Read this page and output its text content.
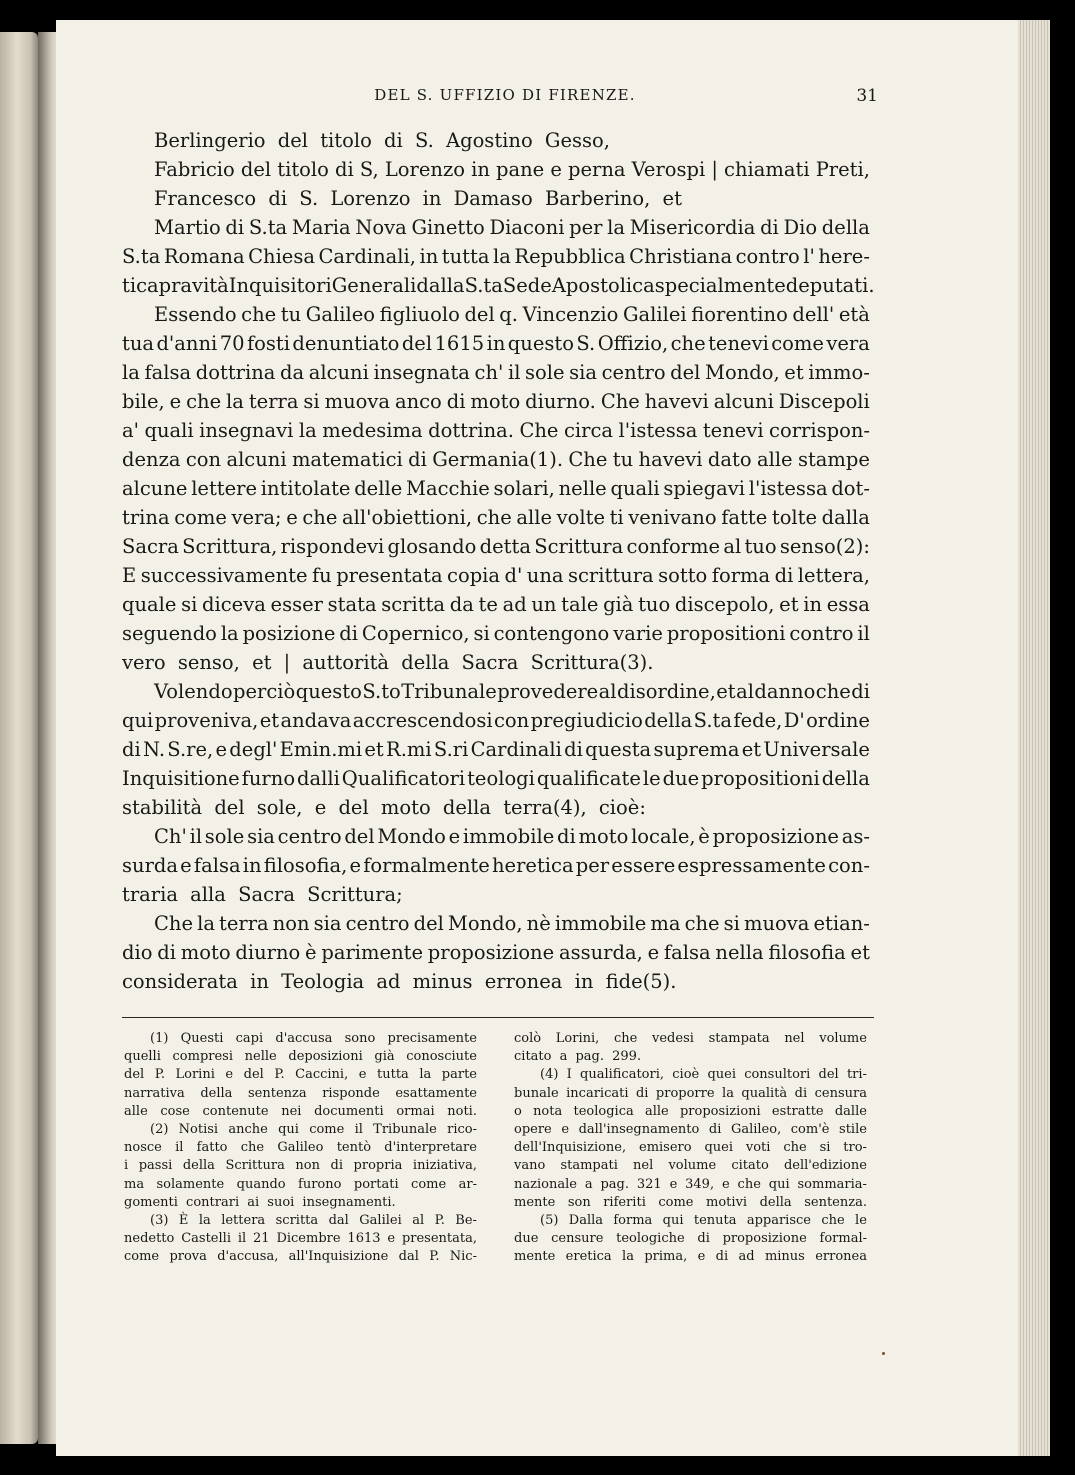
DEL S. UFFIZIO DI FIRENZE.	31
Berlingerio del titolo di S. Agostino Gesso,
Fabricio del titolo di S, Lorenzo in pane e perna Verospi | chiamati Preti,
Francesco di S. Lorenzo in Damaso Barberino, et
Martio di S.ta Maria Nova Ginetto Diaconi per la Misericordia di Dio della
S.ta Romana Chiesa Cardinali, in tutta la Repubblica Christiana contro l' here-
tica pravità Inquisitori Generali dalla S.ta Sede Apostolica specialmente deputati.
Essendo che tu Galileo figliuolo del q. Vincenzio Galilei fiorentino dell' età
tua d'anni 70 fosti denuntiato del 1615 in questo S. Offizio, che tenevi come vera
la falsa dottrina da alcuni insegnata ch' il sole sia centro del Mondo, et immo-
bile, e che la terra si muova anco di moto diurno. Che havevi alcuni Discepoli
a' quali insegnavi la medesima dottrina. Che circa l'istessa tenevi corrispon-
denza con alcuni matematici di Germania(1). Che tu havevi dato alle stampe
alcune lettere intitolate delle Macchie solari, nelle quali spiegavi l'istessa dot-
trina come vera; e che all'obiettioni, che alle volte ti venivano fatte tolte dalla
Sacra Scrittura, rispondevi glosando detta Scrittura conforme al tuo senso(2):
E successivamente fu presentata copia d' una scrittura sotto forma di lettera,
quale si diceva esser stata scritta da te ad un tale già tuo discepolo, et in essa
seguendo la posizione di Copernico, si contengono varie propositioni contro il
vero senso, et | auttorità della Sacra Scrittura(3).
Volendo perciò questo S.to Tribunale provedere al disordine, et al danno che di
qui proveniva, et andava accrescendosi con pregiudicio della S.ta fede, D' ordine
di N. S.re, e degl' Emin.mi et R.mi S.ri Cardinali di questa suprema et Universale
Inquisitione furno dalli Qualificatori teologi qualificate le due propositioni della
stabilità del sole, e del moto della terra(4), cioè:
Ch' il sole sia centro del Mondo e immobile di moto locale, è proposizione as-
surda e falsa in filosofia, e formalmente heretica per essere espressamente con-
traria alla Sacra Scrittura;
Che la terra non sia centro del Mondo, nè immobile ma che si muova etian-
dio di moto diurno è parimente proposizione assurda, e falsa nella filosofia et
considerata in Teologia ad minus erronea in fide(5).
(1) Questi capi d'accusa sono precisamente
quelli compresi nelle deposizioni già conosciute
del P. Lorini e del P. Caccini, e tutta la parte
narrativa della sentenza risponde esattamente
alle cose contenute nei documenti ormai noti.
(2) Notisi anche qui come il Tribunale rico-
nosce il fatto che Galileo tentò d'interpretare
i passi della Scrittura non di propria iniziativa,
ma solamente quando furono portati come ar-
gomenti contrari ai suoi insegnamenti.
(3) È la lettera scritta dal Galilei al P. Be-
nedetto Castelli il 21 Dicembre 1613 e presentata,
come prova d'accusa, all'Inquisizione dal P. Nic-
colò Lorini, che vedesi stampata nel volume
citato a pag. 299.
(4) I qualificatori, cioè quei consultori del tri-
bunale incaricati di proporre la qualità di censura
o nota teologica alle proposizioni estratte dalle
opere e dall'insegnamento di Galileo, com'è stile
dell'Inquisizione, emisero quei voti che si tro-
vano stampati nel volume citato dell'edizione
nazionale a pag. 321 e 349, e che qui sommaria-
mente son riferiti come motivi della sentenza.
(5) Dalla forma qui tenuta apparisce che le
due censure teologiche di proposizione formal-
mente eretica la prima, e di ad minus erronea
